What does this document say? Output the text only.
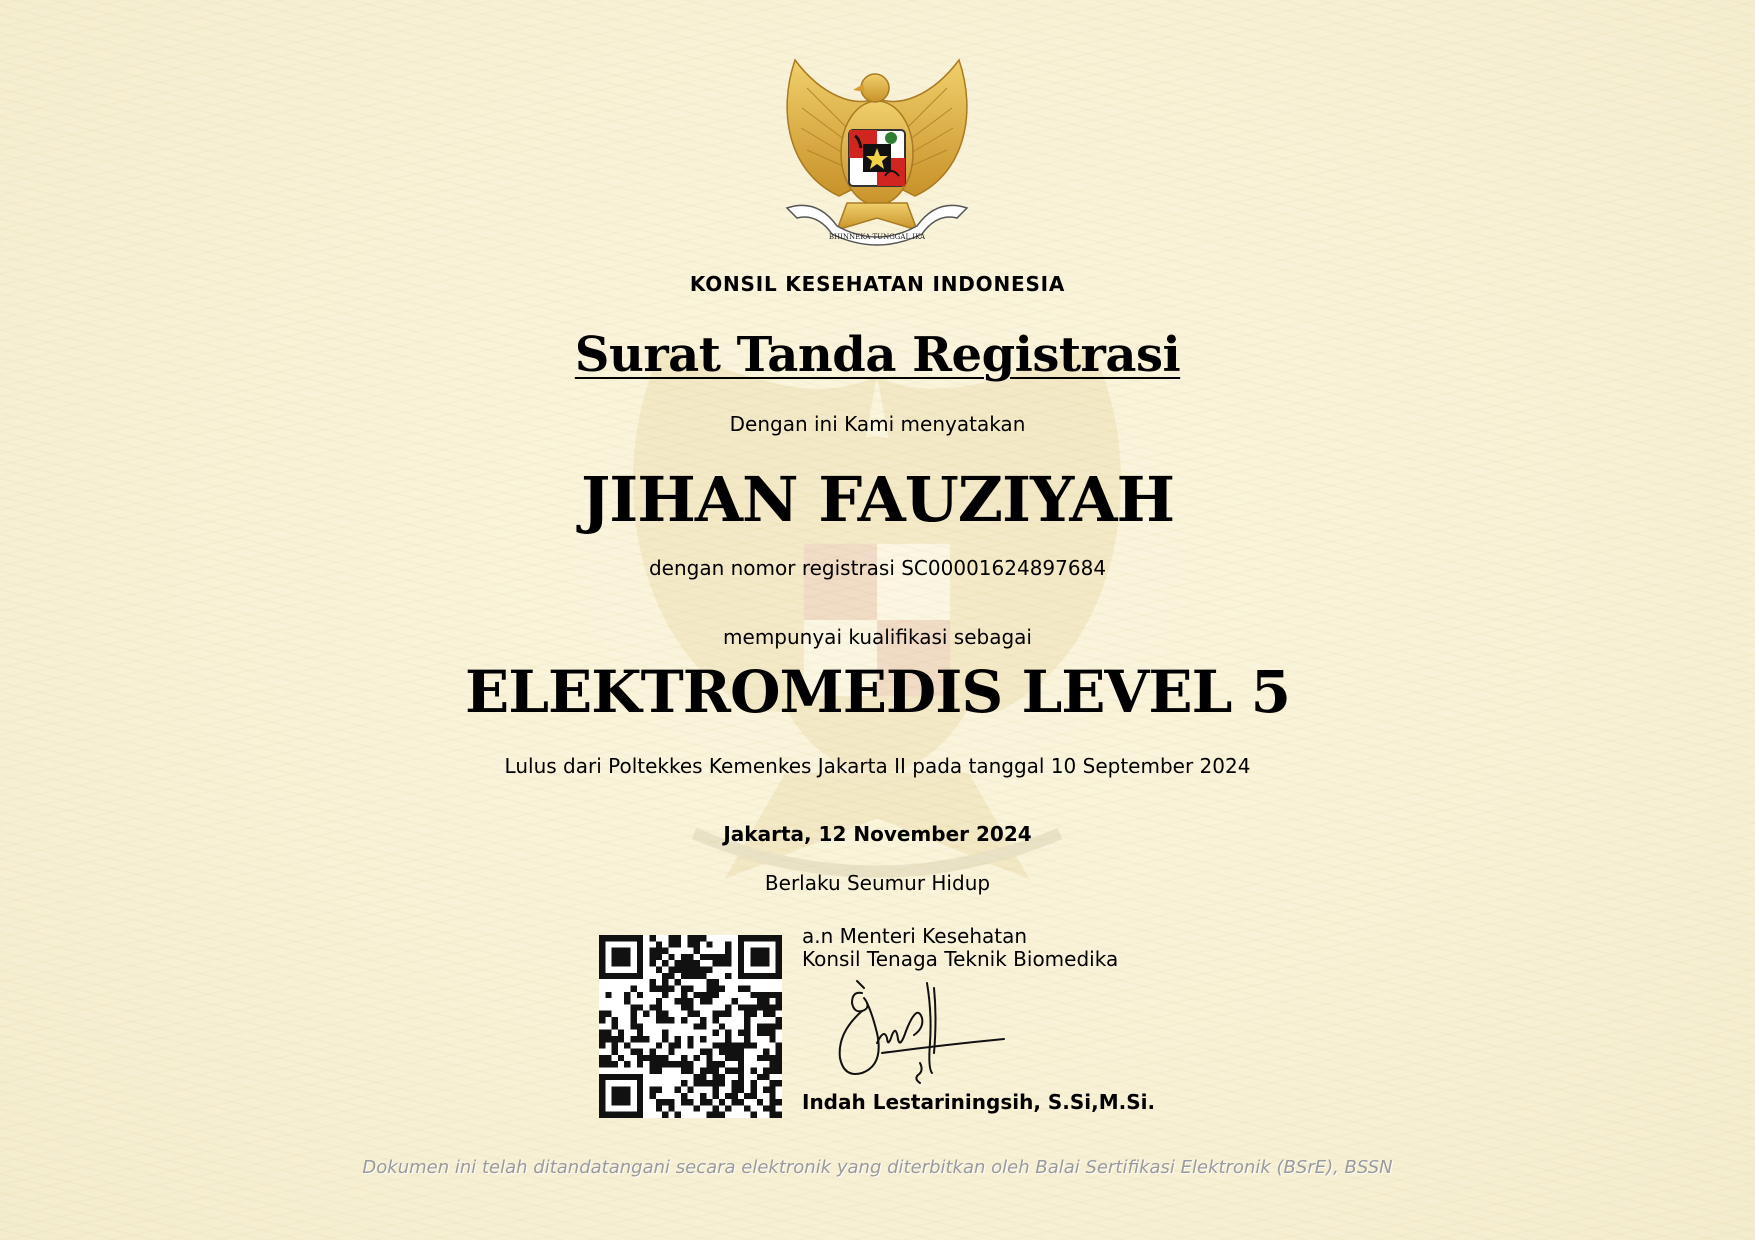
BHINNEKA TUNGGAL IKA
KONSIL KESEHATAN INDONESIA
Surat Tanda Registrasi
Dengan ini Kami menyatakan
JIHAN FAUZIYAH
dengan nomor registrasi SC00001624897684
mempunyai kualifikasi sebagai
ELEKTROMEDIS LEVEL 5
Lulus dari Poltekkes Kemenkes Jakarta II pada tanggal 10 September 2024
Jakarta, 12 November 2024
Berlaku Seumur Hidup
a.n Menteri Kesehatan
Konsil Tenaga Teknik Biomedika
Indah Lestariningsih, S.Si,M.Si.
Dokumen ini telah ditandatangani secara elektronik yang diterbitkan oleh Balai Sertifikasi Elektronik (BSrE), BSSN
